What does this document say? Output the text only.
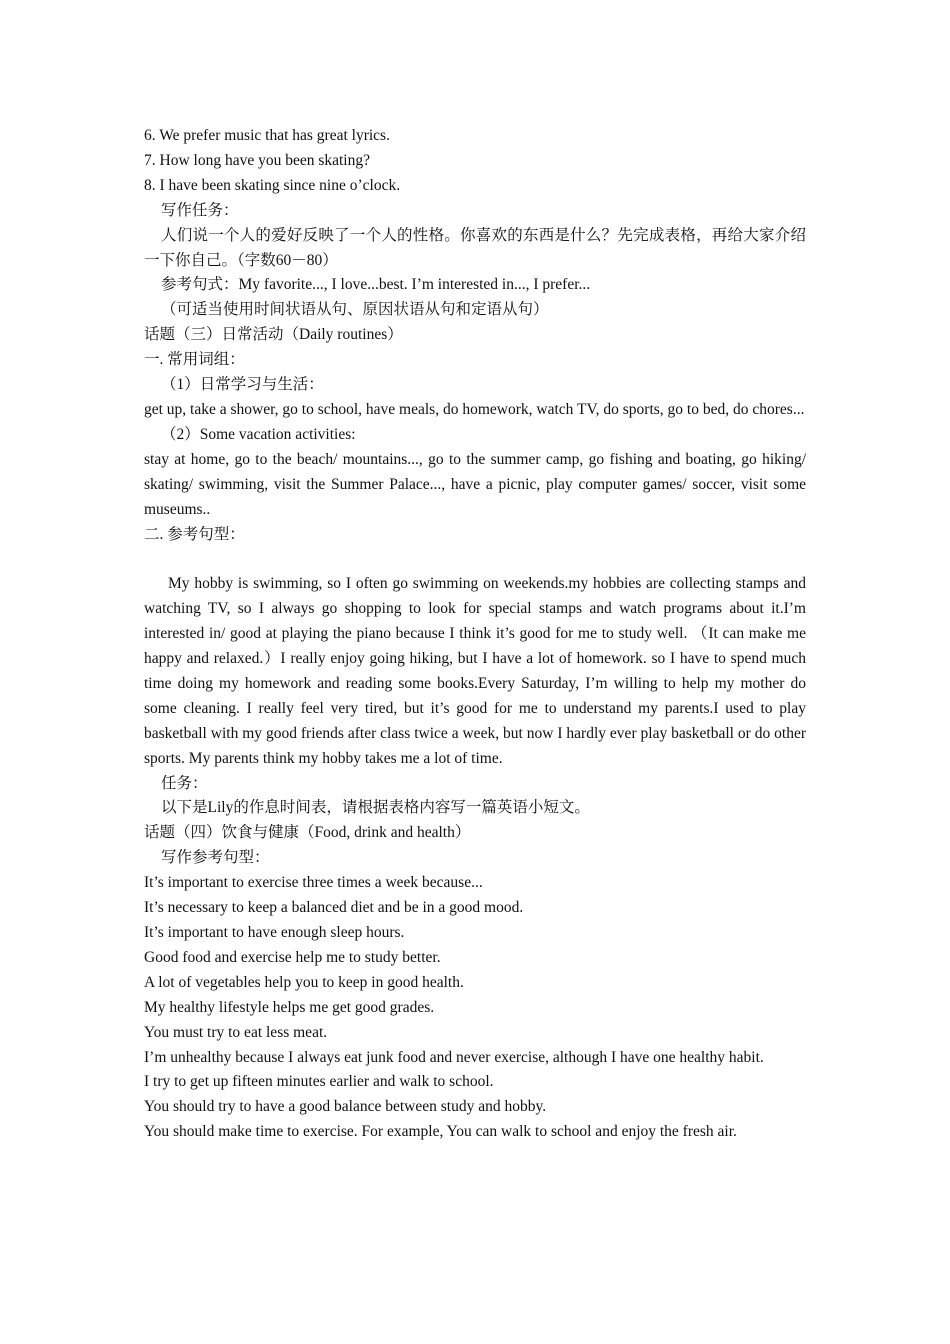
6. We prefer music that has great lyrics.

7. How long have you been skating?

8. I have been skating since nine o’clock.

写作任务：

人们说一个人的爱好反映了一个人的性格。你喜欢的东西是什么？先完成表格，再给大家介绍一下你自己。（字数60－80）

参考句式：My favorite..., I love...best. I’m interested in..., I prefer...

（可适当使用时间状语从句、原因状语从句和定语从句）

话题（三）日常活动（Daily routines）

一. 常用词组：

（1）日常学习与生活：

get up, take a shower, go to school, have meals, do homework, watch TV, do sports, go to bed, do chores...

（2）Some vacation activities:

stay at home, go to the beach/ mountains..., go to the summer camp, go fishing and boating, go hiking/ skating/ swimming, visit the Summer Palace..., have a picnic, play computer games/ soccer, visit some museums..

二. 参考句型：

My hobby is swimming, so I often go swimming on weekends.my hobbies are collecting stamps and watching TV, so I always go shopping to look for special stamps and watch programs about it.I’m interested in/ good at playing the piano because I think it’s good for me to study well. （It can make me happy and relaxed.）I really enjoy going hiking, but I have a lot of homework. so I have to spend much time doing my homework and reading some books.Every Saturday, I’m willing to help my mother do some cleaning. I really feel very tired, but it’s good for me to understand my parents.I used to play basketball with my good friends after class twice a week, but now I hardly ever play basketball or do other sports. My parents think my hobby takes me a lot of time.

任务：

以下是Lily的作息时间表，请根据表格内容写一篇英语小短文。

话题（四）饮食与健康（Food, drink and health）

写作参考句型：

It’s important to exercise three times a week because...

It’s necessary to keep a balanced diet and be in a good mood.

It’s important to have enough sleep hours.

Good food and exercise help me to study better.

A lot of vegetables help you to keep in good health.

My healthy lifestyle helps me get good grades.

You must try to eat less meat.

I’m unhealthy because I always eat junk food and never exercise, although I have one healthy habit.

I try to get up fifteen minutes earlier and walk to school.

You should try to have a good balance between study and hobby.

You should make time to exercise. For example, You can walk to school and enjoy the fresh air.
